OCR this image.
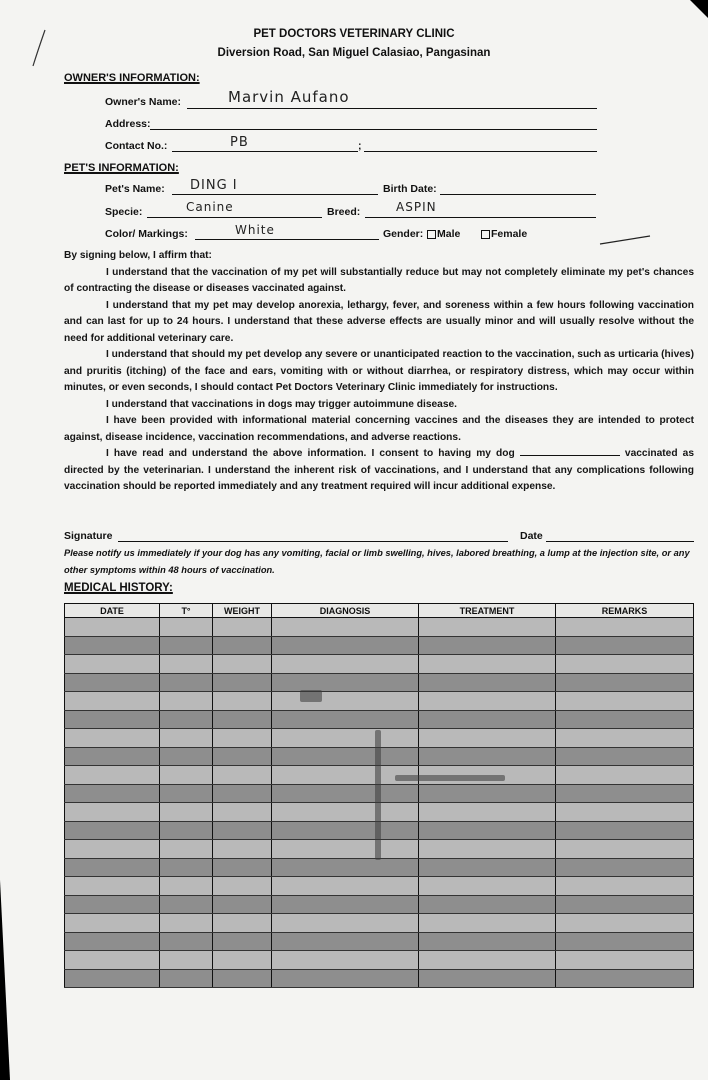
PET DOCTORS VETERINARY CLINIC
Diversion Road, San Miguel Calasiao, Pangasinan
OWNER'S INFORMATION:
Owner's Name:	Marvin Aufano
Address:
Contact No.:	PB	;
PET'S INFORMATION:
Pet's Name: DING I	Birth Date:
Specie:	Canine	Breed:	ASPIN
Color/ Markings:	White	Gender: Male	Female

By signing below, I affirm that:

I understand that the vaccination of my pet will substantially reduce but may not completely eliminate my pet's chances of contracting the disease or diseases vaccinated against.

I understand that my pet may develop anorexia, lethargy, fever, and soreness within a few hours following vaccination and can last for up to 24 hours. I understand that these adverse effects are usually minor and will usually resolve without the need for additional veterinary care.

I understand that should my pet develop any severe or unanticipated reaction to the vaccination, such as urticaria (hives) and pruritis (itching) of the face and ears, vomiting with or without diarrhea, or respiratory distress, which may occur within minutes, or even seconds, I should contact Pet Doctors Veterinary Clinic immediately for instructions.

I understand that vaccinations in dogs may trigger autoimmune disease.

I have been provided with informational material concerning vaccines and the diseases they are intended to protect against, disease incidence, vaccination recommendations, and adverse reactions.

I have read and understand the above information. I consent to having my dog	vaccinated as directed by the veterinarian. I understand the inherent risk of vaccinations, and I understand that any complications following vaccination should be reported immediately and any treatment required will incur additional expense.

Signature	Date
Please notify us immediately if your dog has any vomiting, facial or limb swelling, hives, labored breathing, a lump at the injection site, or any other symptoms within 48 hours of vaccination.
MEDICAL HISTORY:
DATE	T°	WEIGHT	DIAGNOSIS	TREATMENT	REMARKS
